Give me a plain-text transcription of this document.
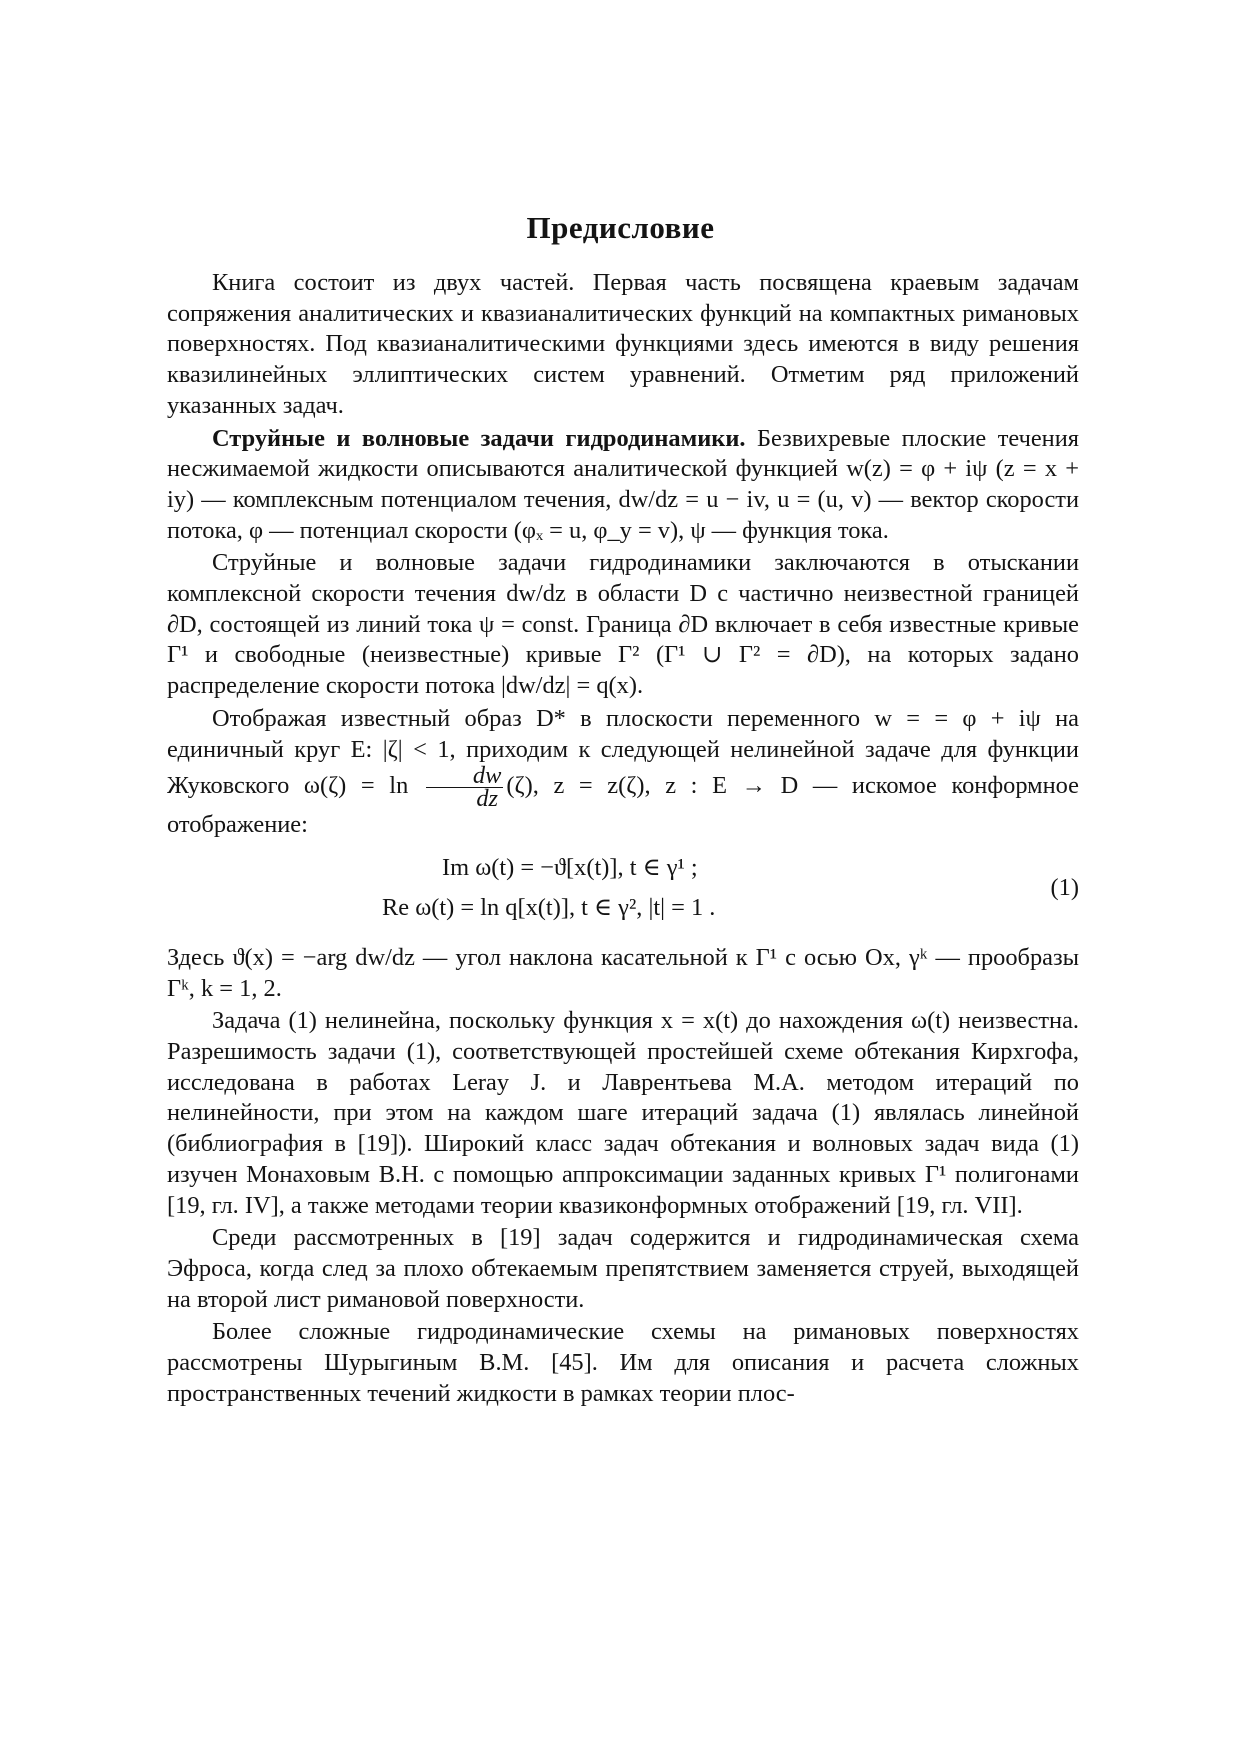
Предисловие

Книга состоит из двух частей. Первая часть посвящена краевым задачам сопряжения аналитических и квазианалитических функций на компактных римановых поверхностях. Под квазианалитическими функциями здесь имеются в виду решения квазилинейных эллиптических систем уравнений. Отметим ряд приложений указанных задач.

Струйные и волновые задачи гидродинамики. Безвихревые плоские течения несжимаемой жидкости описываются аналитической функцией w(z) = φ + iψ (z = x + iy) — комплексным потенциалом течения, dw/dz = u − iv, u = (u, v) — вектор скорости потока, φ — потенциал скорости (φₓ = u, φ_y = v), ψ — функция тока.

Струйные и волновые задачи гидродинамики заключаются в отыскании комплексной скорости течения dw/dz в области D с частично неизвестной границей ∂D, состоящей из линий тока ψ = const. Граница ∂D включает в себя известные кривые Γ¹ и свободные (неизвестные) кривые Γ² (Γ¹ ∪ Γ² = ∂D), на которых задано распределение скорости потока |dw/dz| = q(x).

Отображая известный образ D* в плоскости переменного w = = φ + iψ на единичный круг E: |ζ| < 1, приходим к следующей нелинейной задаче для функции Жуковского $\omega(\zeta) = \ln \frac{dw}{dz} (\zeta)$, z = z(ζ), z : E → D — искомое конформное отображение:

Im ω(t) = −ϑ[x(t)], t ∈ γ¹ ;
Re ω(t) = ln q[x(t)], t ∈ γ², |t| = 1 .
(1)

Здесь ϑ(x) = −arg dw/dz — угол наклона касательной к Γ¹ с осью Ox, γᵏ — прообразы Γᵏ, k = 1, 2.

Задача (1) нелинейна, поскольку функция x = x(t) до нахождения ω(t) неизвестна. Разрешимость задачи (1), соответствующей простейшей схеме обтекания Кирхгофа, исследована в работах Leray J. и Лаврентьева М.А. методом итераций по нелинейности, при этом на каждом шаге итераций задача (1) являлась линейной (библиография в [19]). Широкий класс задач обтекания и волновых задач вида (1) изучен Монаховым В.Н. с помощью аппроксимации заданных кривых Γ¹ полигонами [19, гл. IV], а также методами теории квазиконформных отображений [19, гл. VII].

Среди рассмотренных в [19] задач содержится и гидродинамическая схема Эфроса, когда след за плохо обтекаемым препятствием заменяется струей, выходящей на второй лист римановой поверхности.

Более сложные гидродинамические схемы на римановых поверхностях рассмотрены Шурыгиным В.М. [45]. Им для описания и расчета сложных пространственных течений жидкости в рамках теории плос-
